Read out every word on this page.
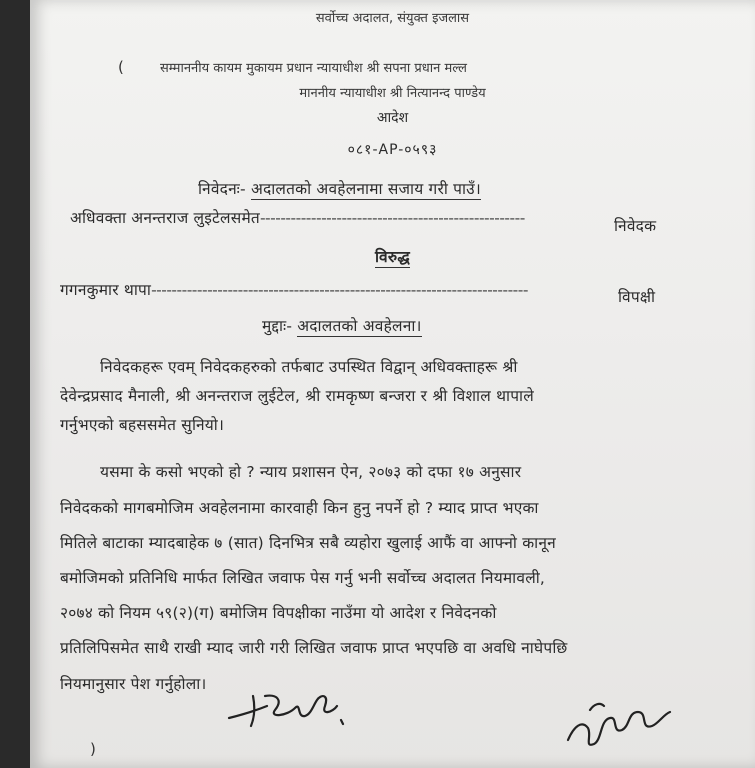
सर्वोच्च अदालत, संयुक्त इजलास
(	सम्माननीय कायम मुकायम प्रधान न्यायाधीश श्री सपना प्रधान मल्ल
माननीय न्यायाधीश श्री नित्यानन्द पाण्डेय
आदेश
०८१-AP-०५९३
निवेदनः- अदालतको अवहेलनामा सजाय गरी पाउँ।
अधिवक्ता अनन्तराज लुइटेलसमेत----------------------------------------------------	निवेदक
विरुद्ध
गगनकुमार थापा--------------------------------------------------------------------------	विपक्षी
मुद्दाः- अदालतको अवहेलना।
निवेदकहरू एवम् निवेदकहरुको तर्फबाट उपस्थित विद्वान् अधिवक्ताहरू श्री
देवेन्द्रप्रसाद मैनाली, श्री अनन्तराज लुईटेल, श्री रामकृष्ण बन्जरा र श्री विशाल थापाले
गर्नुभएको बहससमेत सुनियो।
यसमा के कसो भएको हो ? न्याय प्रशासन ऐन, २०७३ को दफा १७ अनुसार
निवेदकको मागबमोजिम अवहेलनामा कारवाही किन हुनु नपर्ने हो ? म्याद प्राप्त भएका
मितिले बाटाका म्यादबाहेक ७ (सात) दिनभित्र सबै व्यहोरा खुलाई आफैं वा आफ्नो कानून
बमोजिमको प्रतिनिधि मार्फत लिखित जवाफ पेस गर्नु भनी सर्वोच्च अदालत नियमावली,
२०७४ को नियम ५९(२)(ग) बमोजिम विपक्षीका नाउँमा यो आदेश र निवेदनको
प्रतिलिपिसमेत साथै राखी म्याद जारी गरी लिखित जवाफ प्राप्त भएपछि वा अवधि नाघेपछि
नियमानुसार पेश गर्नुहोला।
)
